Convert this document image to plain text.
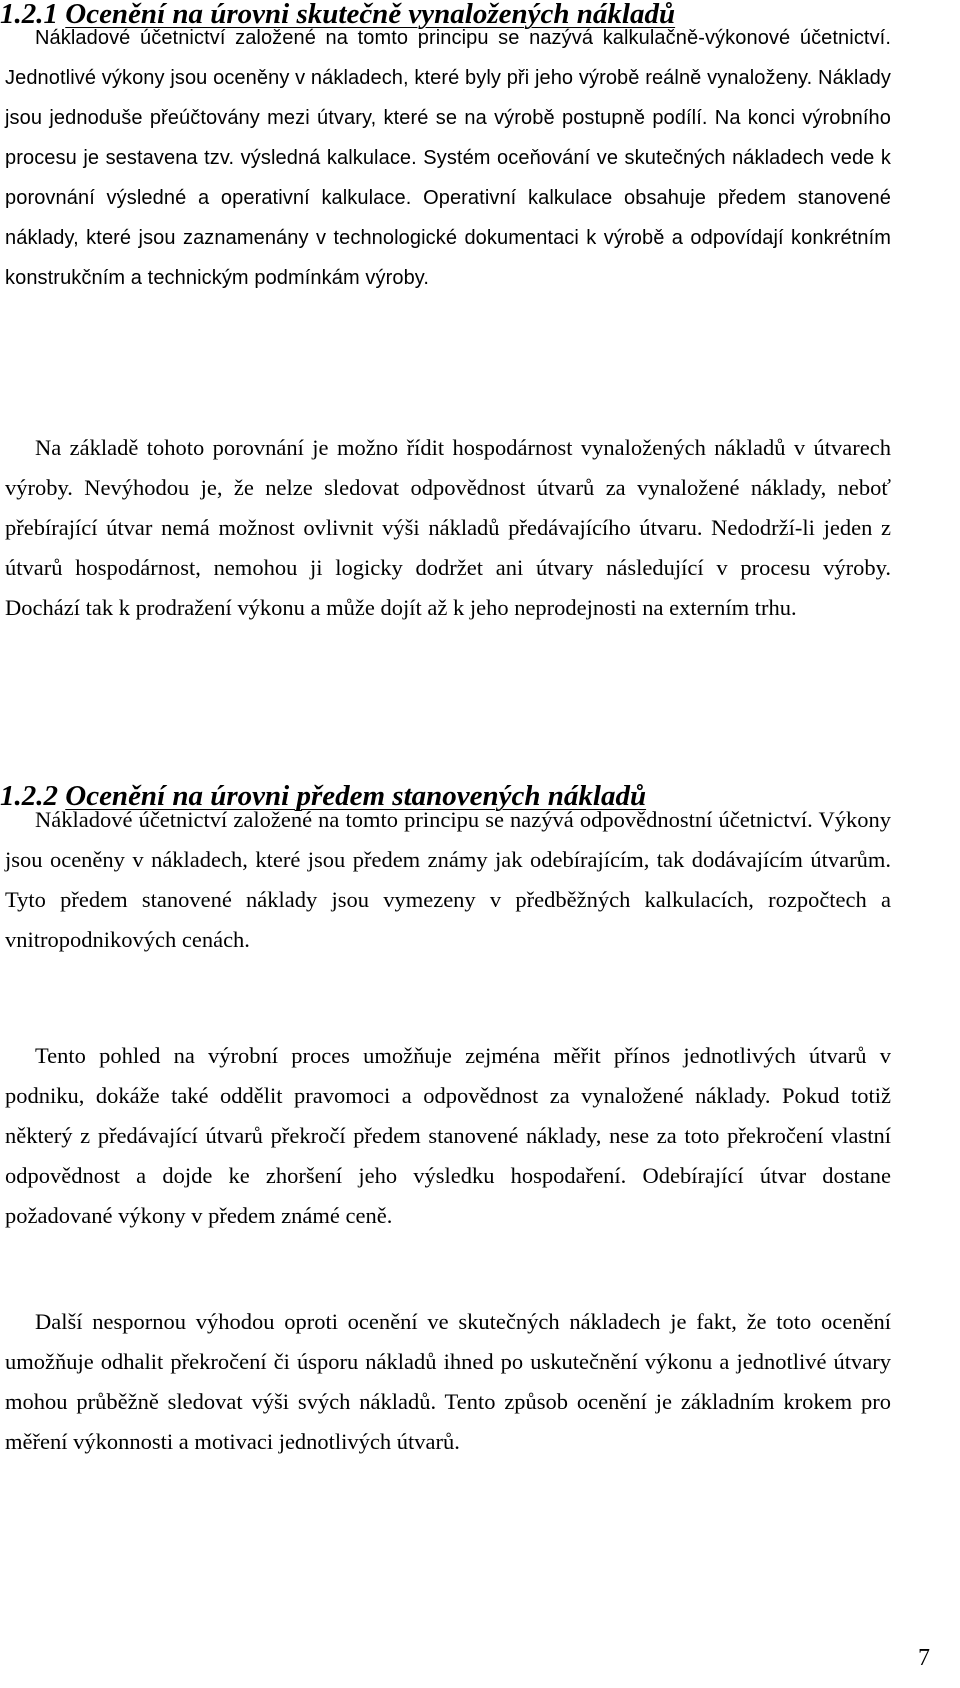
1.2.1 Ocenění na úrovni skutečně vynaložených nákladů

Nákladové účetnictví založené na tomto principu se nazývá kalkulačně-výkonové účetnictví. Jednotlivé výkony jsou oceněny v nákladech, které byly při jeho výrobě reálně vynaloženy. Náklady jsou jednoduše přeúčtovány mezi útvary, které se na výrobě postupně podílí. Na konci výrobního procesu je sestavena tzv. výsledná kalkulace. Systém oceňování ve skutečných nákladech vede k porovnání výsledné a operativní kalkulace. Operativní kalkulace obsahuje předem stanovené náklady, které jsou zaznamenány v technologické dokumentaci k výrobě a odpovídají konkrétním konstrukčním a technickým podmínkám výroby.

Na základě tohoto porovnání je možno řídit hospodárnost vynaložených nákladů v útvarech výroby. Nevýhodou je, že nelze sledovat odpovědnost útvarů za vynaložené náklady, neboť přebírající útvar nemá možnost ovlivnit výši nákladů předávajícího útvaru. Nedodrží-li jeden z útvarů hospodárnost, nemohou ji logicky dodržet ani útvary následující v procesu výroby. Dochází tak k prodražení výkonu a může dojít až k jeho neprodejnosti na externím trhu.

1.2.2 Ocenění na úrovni předem stanovených nákladů

Nákladové účetnictví založené na tomto principu se nazývá odpovědnostní účetnictví. Výkony jsou oceněny v nákladech, které jsou předem známy jak odebírajícím, tak dodávajícím útvarům. Tyto předem stanovené náklady jsou vymezeny v předběžných kalkulacích, rozpočtech a vnitropodnikových cenách.

Tento pohled na výrobní proces umožňuje zejména měřit přínos jednotlivých útvarů v podniku, dokáže také oddělit pravomoci a odpovědnost za vynaložené náklady. Pokud totiž některý z předávající útvarů překročí předem stanovené náklady, nese za toto překročení vlastní odpovědnost a dojde ke zhoršení jeho výsledku hospodaření. Odebírající útvar dostane požadované výkony v předem známé ceně.

Další nespornou výhodou oproti ocenění ve skutečných nákladech je fakt, že toto ocenění umožňuje odhalit překročení či úsporu nákladů ihned po uskutečnění výkonu a jednotlivé útvary mohou průběžně sledovat výši svých nákladů. Tento způsob ocenění je základním krokem pro měření výkonnosti a motivaci jednotlivých útvarů.

7
